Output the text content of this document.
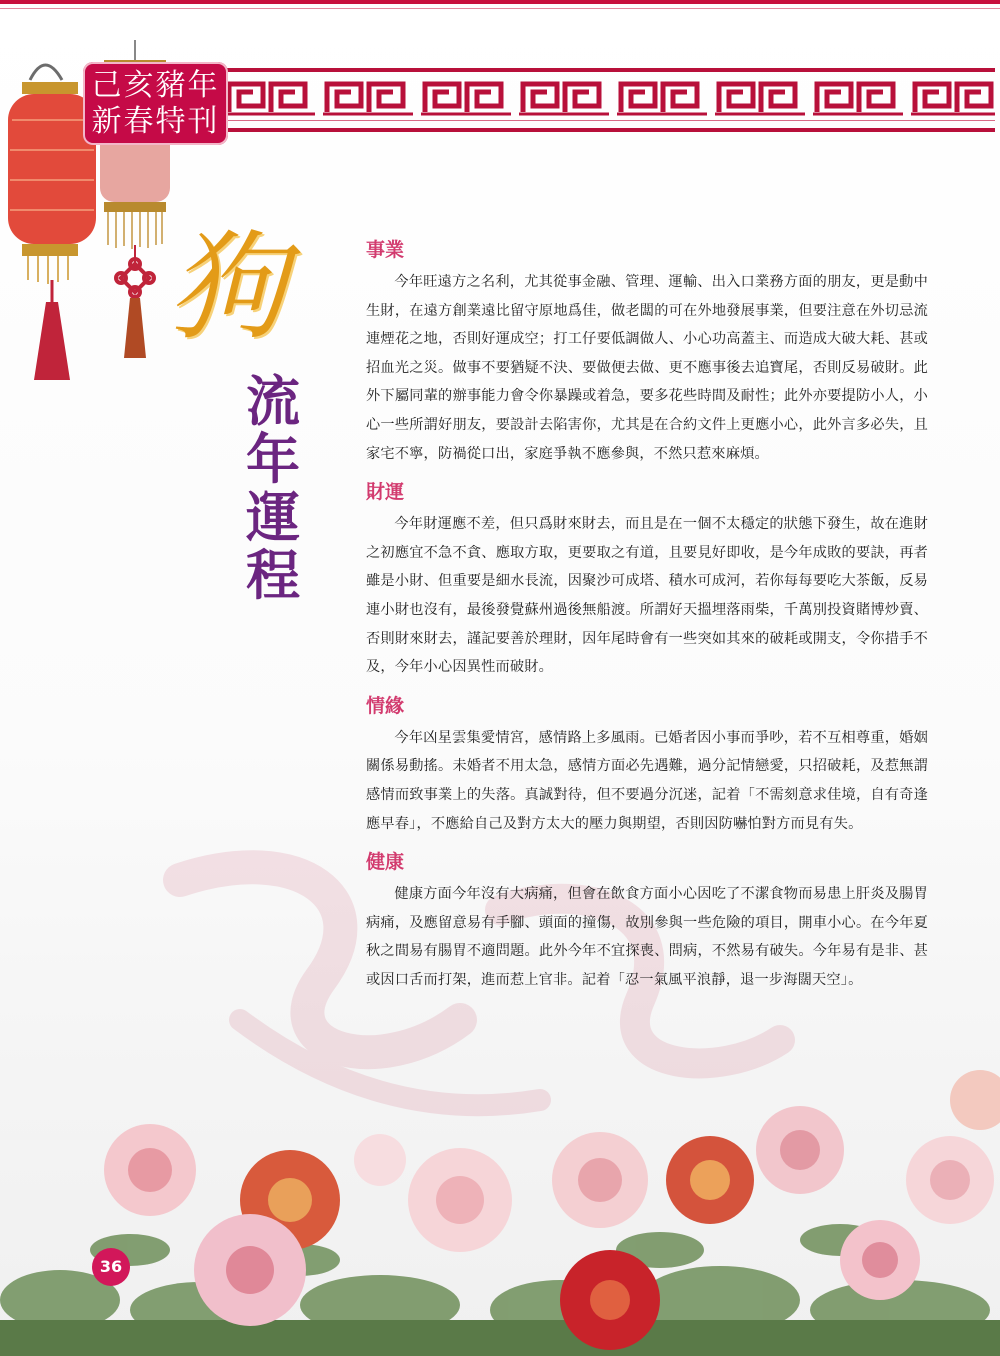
己亥豬年
新春特刊
狗
流
年
運
程
事業

今年旺遠方之名利，尤其從事金融、管理、運輸、出入口業務方面的朋友，更是動中生財，在遠方創業遠比留守原地爲佳，做老闆的可在外地發展事業，但要注意在外切忌流連煙花之地，否則好運成空；打工仔要低調做人、小心功高蓋主、而造成大破大耗、甚或招血光之災。做事不要猶疑不決、要做便去做、更不應事後去追寶尾，否則反易破財。此外下屬同輩的辦事能力會令你暴躁或着急，要多花些時間及耐性；此外亦要提防小人，小心一些所謂好朋友，要設計去陷害你，尤其是在合約文件上更應小心，此外言多必失，且家宅不寧，防禍從口出，家庭爭執不應參與，不然只惹來麻煩。

財運

今年財運應不差，但只爲財來財去，而且是在一個不太穩定的狀態下發生，故在進財之初應宜不急不貪、應取方取，更要取之有道，且要見好即收，是今年成敗的要訣，再者雖是小財、但重要是細水長流，因聚沙可成塔、積水可成河，若你每每要吃大茶飯，反易連小財也沒有，最後發覺蘇州過後無船渡。所謂好天搵埋落雨柴，千萬別投資賭博炒賣、否則財來財去，謹記要善於理財，因年尾時會有一些突如其來的破耗或開支，令你措手不及，今年小心因異性而破財。

情緣

今年凶星雲集愛情宮，感情路上多風雨。已婚者因小事而爭吵，若不互相尊重，婚姻關係易動搖。未婚者不用太急，感情方面必先遇難，過分記情戀愛，只招破耗，及惹無謂感情而致事業上的失落。真誠對待，但不要過分沉迷，記着「不需刻意求佳境，自有奇逢應早春」，不應給自己及對方太大的壓力與期望，否則因防嚇怕對方而見有失。

健康

健康方面今年沒有大病痛，但會在飲食方面小心因吃了不潔食物而易患上肝炎及腸胃病痛，及應留意易有手腳、頭面的撞傷，故別參與一些危險的項目，開車小心。在今年夏秋之間易有腸胃不適問題。此外今年不宜探喪、問病，不然易有破失。今年易有是非、甚或因口舌而打架，進而惹上官非。記着「忍一氣風平浪靜，退一步海闊天空」。

36
